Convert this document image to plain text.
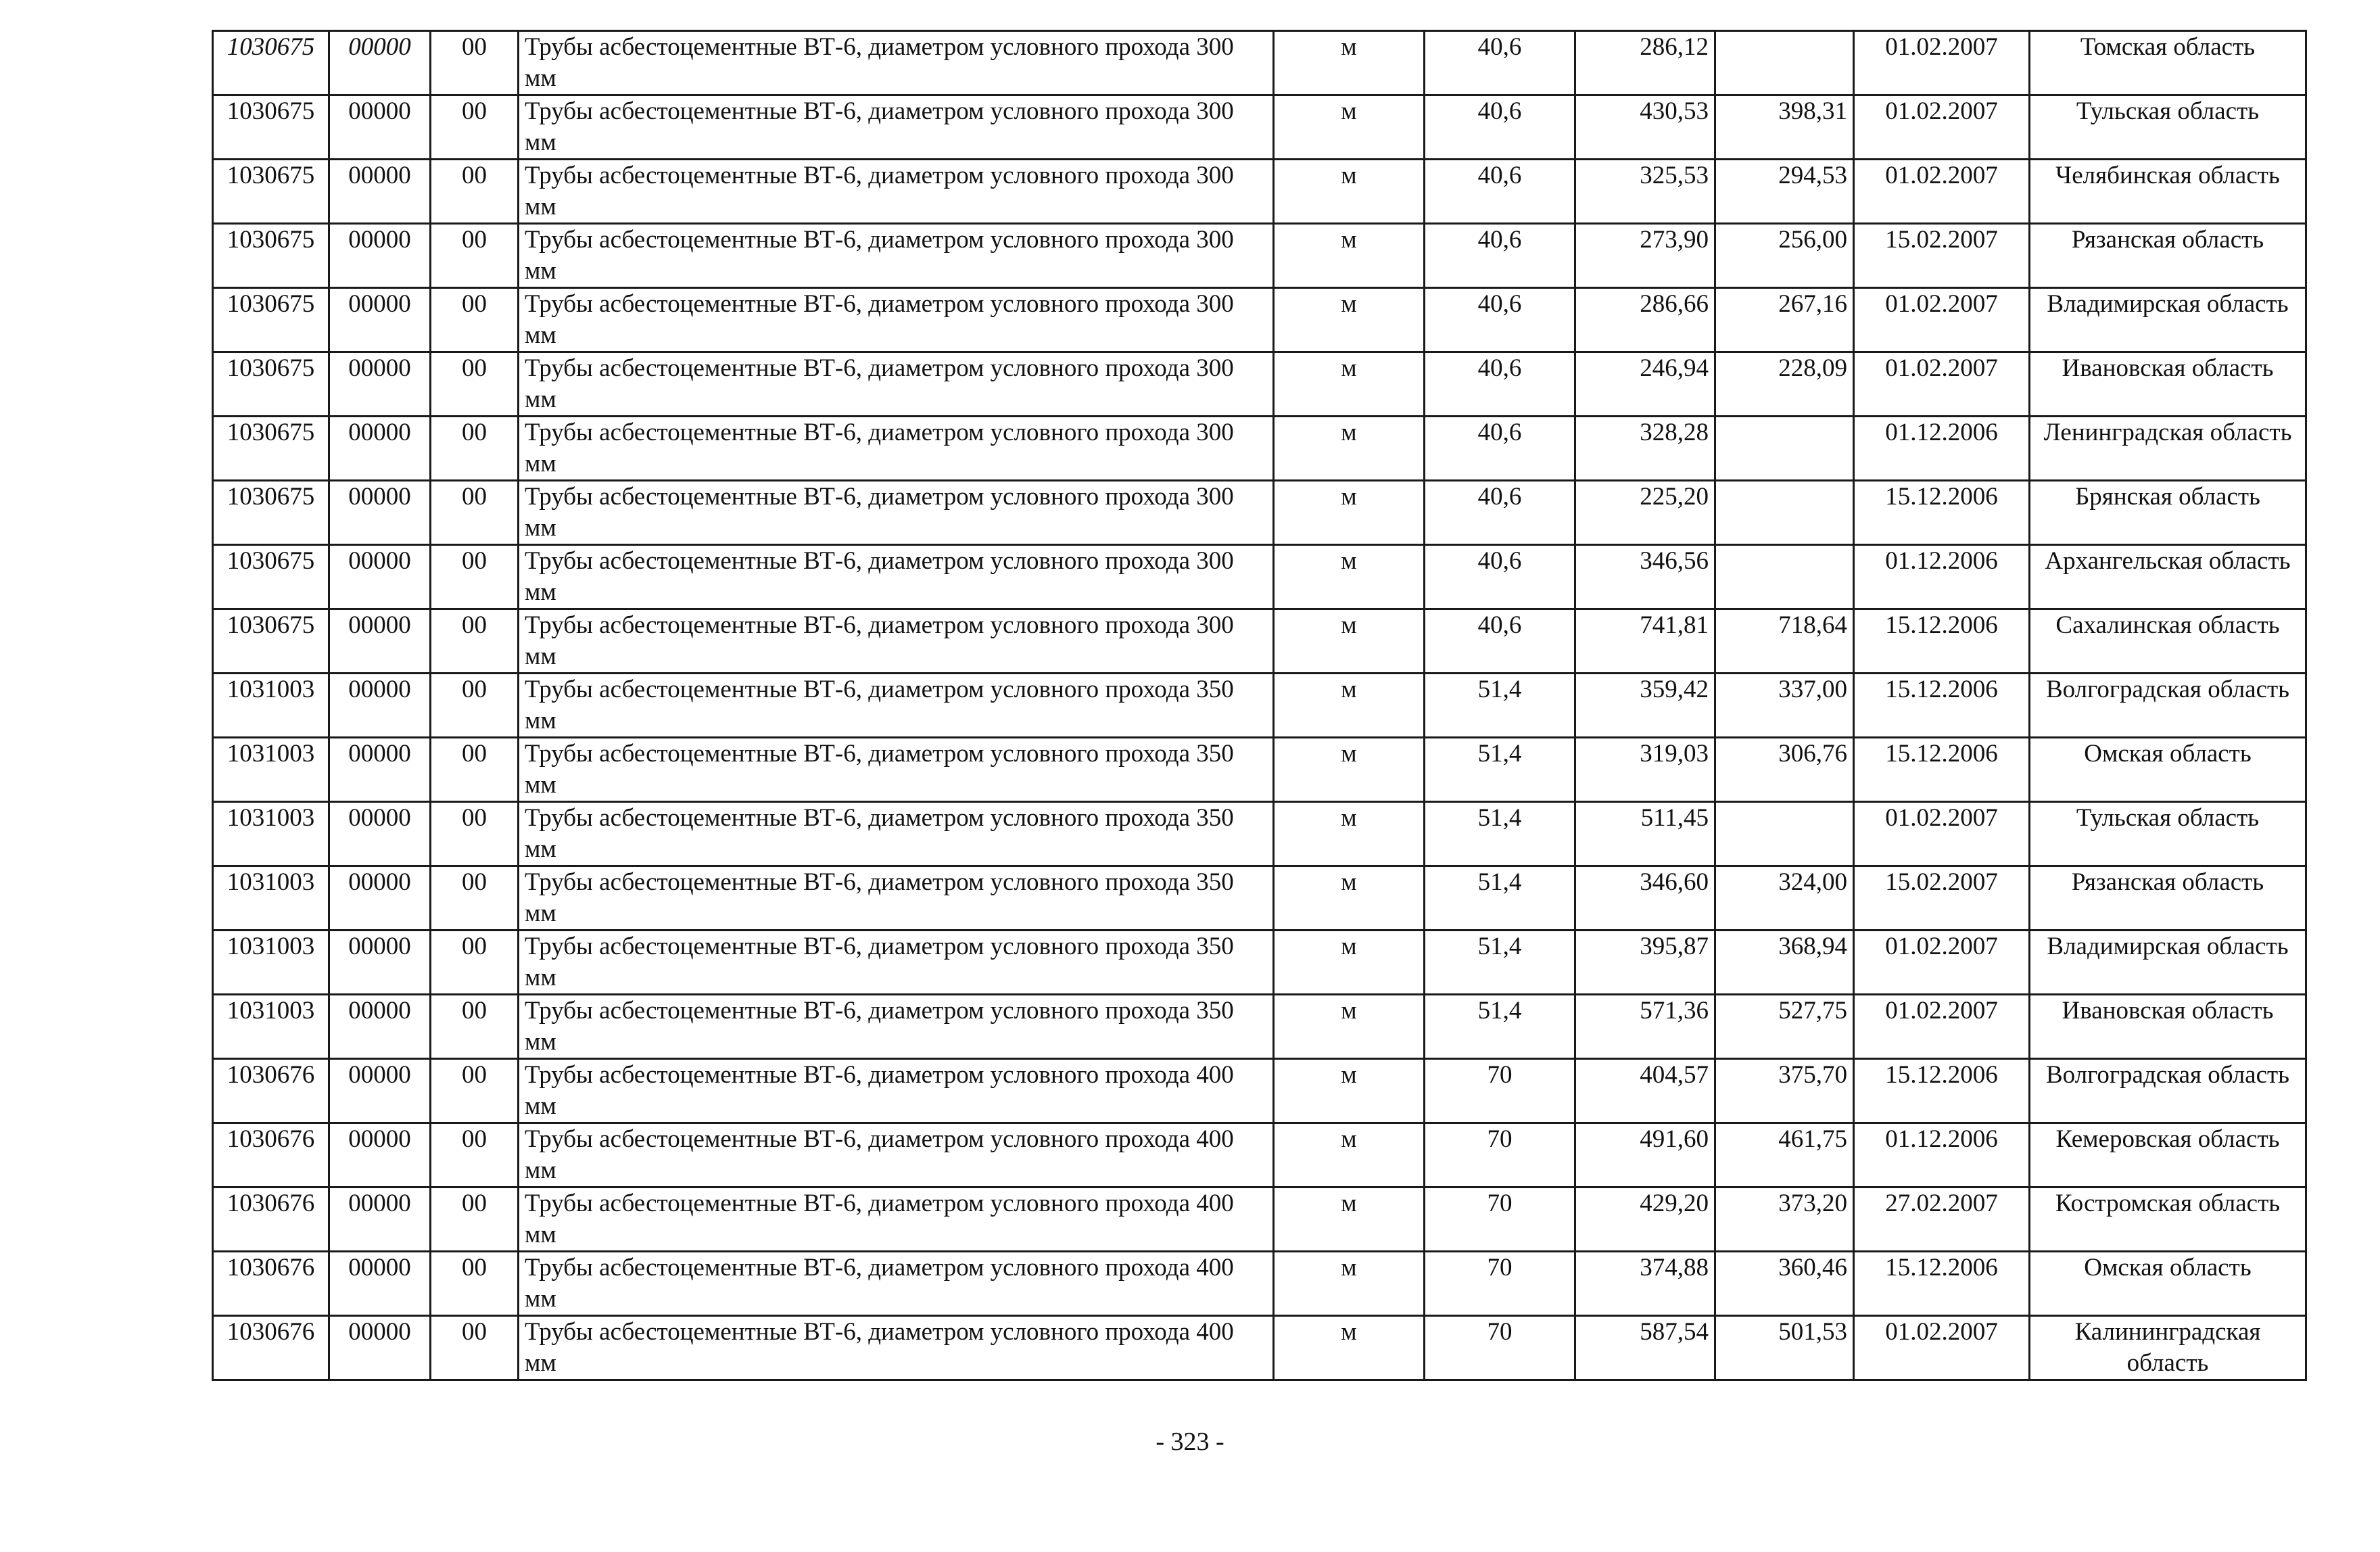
1030675	00000	00	Трубы асбестоцементные ВТ-6, диаметром условного прохода 300 мм	м	40,6	286,12		01.02.2007	Томская область
1030675	00000	00	Трубы асбестоцементные ВТ-6, диаметром условного прохода 300 мм	м	40,6	430,53	398,31	01.02.2007	Тульская область
1030675	00000	00	Трубы асбестоцементные ВТ-6, диаметром условного прохода 300 мм	м	40,6	325,53	294,53	01.02.2007	Челябинская область
1030675	00000	00	Трубы асбестоцементные ВТ-6, диаметром условного прохода 300 мм	м	40,6	273,90	256,00	15.02.2007	Рязанская область
1030675	00000	00	Трубы асбестоцементные ВТ-6, диаметром условного прохода 300 мм	м	40,6	286,66	267,16	01.02.2007	Владимирская область
1030675	00000	00	Трубы асбестоцементные ВТ-6, диаметром условного прохода 300 мм	м	40,6	246,94	228,09	01.02.2007	Ивановская область
1030675	00000	00	Трубы асбестоцементные ВТ-6, диаметром условного прохода 300 мм	м	40,6	328,28		01.12.2006	Ленинградская область
1030675	00000	00	Трубы асбестоцементные ВТ-6, диаметром условного прохода 300 мм	м	40,6	225,20		15.12.2006	Брянская область
1030675	00000	00	Трубы асбестоцементные ВТ-6, диаметром условного прохода 300 мм	м	40,6	346,56		01.12.2006	Архангельская область
1030675	00000	00	Трубы асбестоцементные ВТ-6, диаметром условного прохода 300 мм	м	40,6	741,81	718,64	15.12.2006	Сахалинская область
1031003	00000	00	Трубы асбестоцементные ВТ-6, диаметром условного прохода 350 мм	м	51,4	359,42	337,00	15.12.2006	Волгоградская область
1031003	00000	00	Трубы асбестоцементные ВТ-6, диаметром условного прохода 350 мм	м	51,4	319,03	306,76	15.12.2006	Омская область
1031003	00000	00	Трубы асбестоцементные ВТ-6, диаметром условного прохода 350 мм	м	51,4	511,45		01.02.2007	Тульская область
1031003	00000	00	Трубы асбестоцементные ВТ-6, диаметром условного прохода 350 мм	м	51,4	346,60	324,00	15.02.2007	Рязанская область
1031003	00000	00	Трубы асбестоцементные ВТ-6, диаметром условного прохода 350 мм	м	51,4	395,87	368,94	01.02.2007	Владимирская область
1031003	00000	00	Трубы асбестоцементные ВТ-6, диаметром условного прохода 350 мм	м	51,4	571,36	527,75	01.02.2007	Ивановская область
1030676	00000	00	Трубы асбестоцементные ВТ-6, диаметром условного прохода 400 мм	м	70	404,57	375,70	15.12.2006	Волгоградская область
1030676	00000	00	Трубы асбестоцементные ВТ-6, диаметром условного прохода 400 мм	м	70	491,60	461,75	01.12.2006	Кемеровская область
1030676	00000	00	Трубы асбестоцементные ВТ-6, диаметром условного прохода 400 мм	м	70	429,20	373,20	27.02.2007	Костромская область
1030676	00000	00	Трубы асбестоцементные ВТ-6, диаметром условного прохода 400 мм	м	70	374,88	360,46	15.12.2006	Омская область
1030676	00000	00	Трубы асбестоцементные ВТ-6, диаметром условного прохода 400 мм	м	70	587,54	501,53	01.02.2007	Калининградская область
- 323 -
